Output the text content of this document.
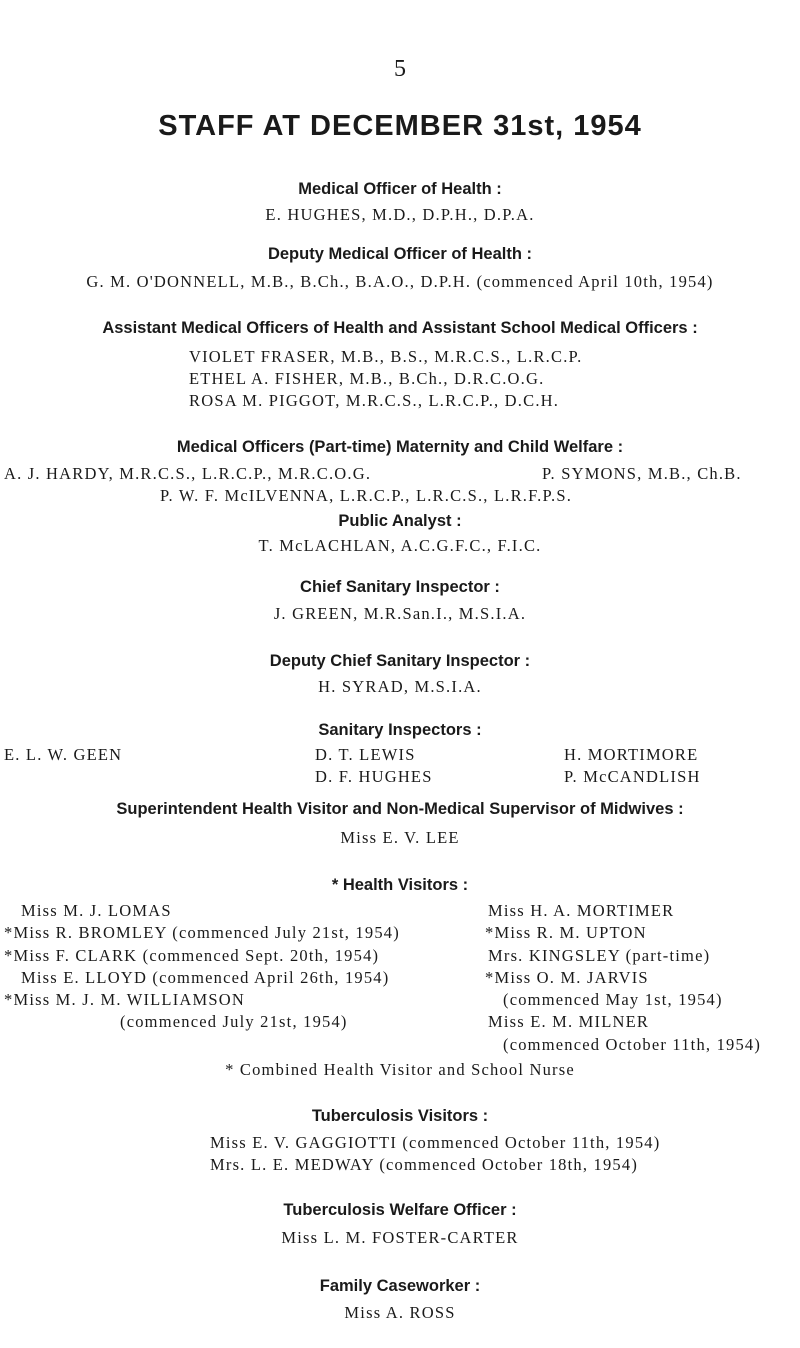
5
STAFF AT DECEMBER 31st, 1954
Medical Officer of Health :
E. HUGHES, M.D., D.P.H., D.P.A.
Deputy Medical Officer of Health :
G. M. O'DONNELL, M.B., B.Ch., B.A.O., D.P.H. (commenced April 10th, 1954)
Assistant Medical Officers of Health and Assistant School Medical Officers :
VIOLET FRASER, M.B., B.S., M.R.C.S., L.R.C.P.
ETHEL A. FISHER, M.B., B.Ch., D.R.C.O.G.
ROSA M. PIGGOT, M.R.C.S., L.R.C.P., D.C.H.
Medical Officers (Part-time) Maternity and Child Welfare :
A. J. HARDY, M.R.C.S., L.R.C.P., M.R.C.O.G.	P. SYMONS, M.B., Ch.B.
P. W. F. McILVENNA, L.R.C.P., L.R.C.S., L.R.F.P.S.
Public Analyst :
T. McLACHLAN, A.C.G.F.C., F.I.C.
Chief Sanitary Inspector :
J. GREEN, M.R.San.I., M.S.I.A.
Deputy Chief Sanitary Inspector :
H. SYRAD, M.S.I.A.
Sanitary Inspectors :
E. L. W. GEEN	D. T. LEWIS
D. F. HUGHES
H. MORTIMORE
P. McCANDLISH
Superintendent Health Visitor and Non-Medical Supervisor of Midwives :
Miss E. V. LEE
* Health Visitors :
Miss M. J. LOMAS
*Miss R. BROMLEY (commenced July 21st, 1954)
*Miss F. CLARK (commenced Sept. 20th, 1954)
Miss E. LLOYD (commenced April 26th, 1954)
*Miss M. J. M. WILLIAMSON
(commenced July 21st, 1954)
Miss H. A. MORTIMER
*Miss R. M. UPTON
Mrs. KINGSLEY (part-time)
*Miss O. M. JARVIS
(commenced May 1st, 1954)
Miss E. M. MILNER
(commenced October 11th, 1954)
* Combined Health Visitor and School Nurse
Tuberculosis Visitors :
Miss E. V. GAGGIOTTI (commenced October 11th, 1954)
Mrs. L. E. MEDWAY (commenced October 18th, 1954)
Tuberculosis Welfare Officer :
Miss L. M. FOSTER-CARTER
Family Caseworker :
Miss A. ROSS
